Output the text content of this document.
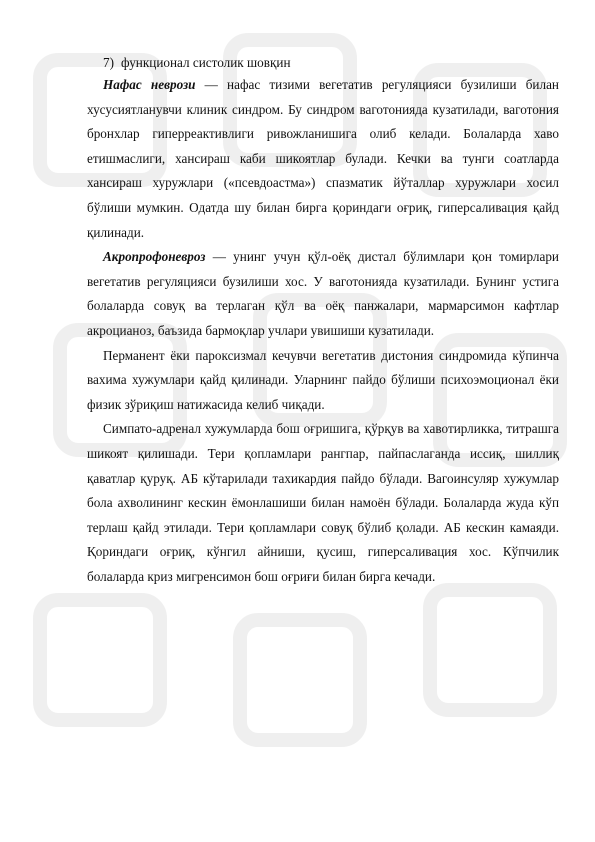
7) функционал систолик шовқин

Нафас неврози — нафас тизими вегетатив регуляцияси бузилиши билан хусусиятланувчи клиник синдром. Бу синдром ваготонияда кузатилади, ваготония бронхлар гиперреактивлиги ривожланишига олиб келади. Болаларда хаво етишмаслиги, хансираш каби шикоятлар булади. Кечки ва тунги соатларда хансираш хуружлари («псевдоастма») спазматик йўталлар хуружлари хосил бўлиши мумкин. Одатда шу билан бирга қориндаги оғриқ, гиперсаливация қайд қилинади.

Акропрофоневроз — унинг учун қўл-оёқ дистал бўлимлари қон томирлари вегетатив регуляцияси бузилиши хос. У ваготонияда кузатилади. Бунинг устига болаларда совуқ ва терлаган қўл ва оёқ панжалари, мармарсимон кафтлар акроцианоз, баъзида бармоқлар учлари увишиши кузатилади.

Перманент ёки пароксизмал кечувчи вегетатив дистония синдромида кўпинча вахима хужумлари қайд қилинади. Уларнинг пайдо бўлиши психоэмоционал ёки физик зўриқиш натижасида келиб чиқади.

Симпато-адренал хужумларда бош оғришига, қўрқув ва хавотирликка, титрашга шикоят қилишади. Тери қопламлари рангпар, пайпаслаганда иссиқ, шиллиқ қаватлар қуруқ. АБ кўтарилади тахикардия пайдо бўлади. Вагоинсуляр хужумлар бола ахволининг кескин ёмонлашиши билан намоён бўлади. Болаларда жуда кўп терлаш қайд этилади. Тери қопламлари совуқ бўлиб қолади. АБ кескин камаяди. Қориндаги оғриқ, кўнгил айниши, қусиш, гиперсаливация хос. Кўпчилик болаларда криз мигренсимон бош оғриғи билан бирга кечади.
